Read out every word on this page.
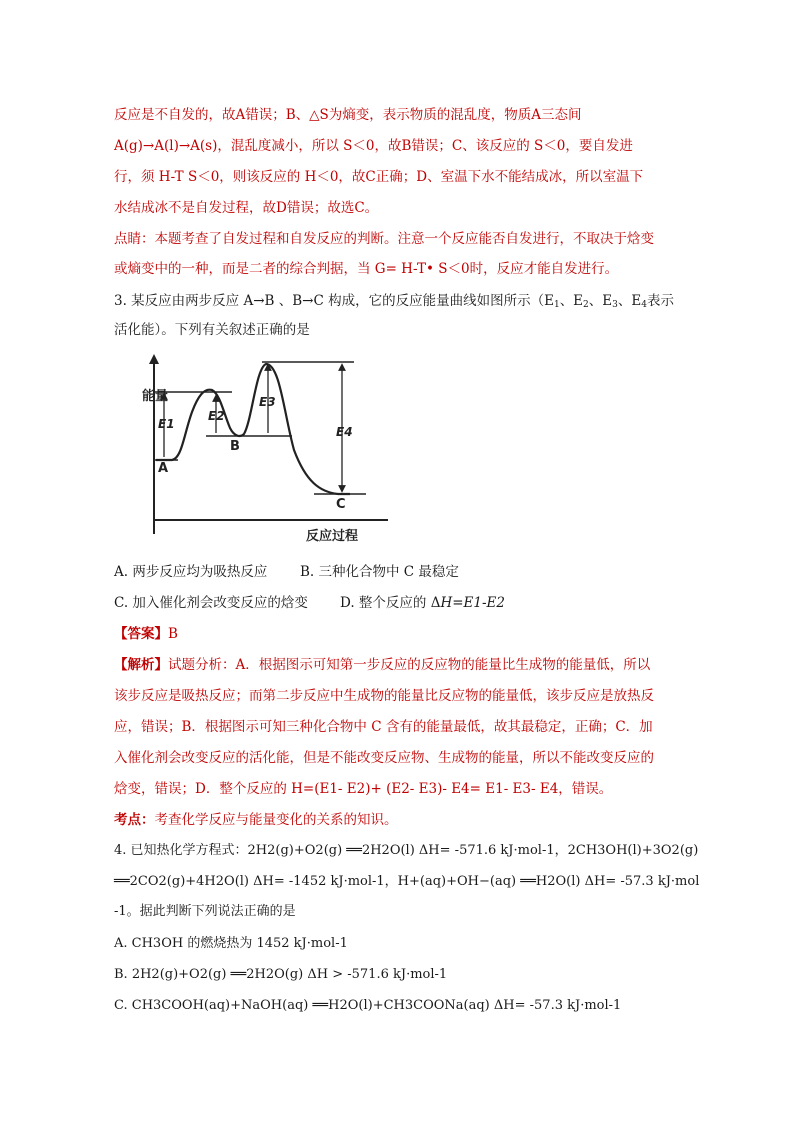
反应是不自发的，故A错误；B、△S为熵变，表示物质的混乱度，物质A三态间
A(g)→A(l)→A(s)，混乱度减小，所以 S＜0，故B错误；C、该反应的 S＜0，要自发进
行，须 H-T S＜0，则该反应的 H＜0，故C正确；D、室温下水不能结成冰，所以室温下
水结成冰不是自发过程，故D错误；故选C。
点睛：本题考查了自发过程和自发反应的判断。注意一个反应能否自发进行，不取决于焓变
或熵变中的一种，而是二者的综合判据，当 G= H-T• S＜0时，反应才能自发进行。
3. 某反应由两步反应 A→B 、B→C 构成，它的反应能量曲线如图所示（$E_1$、$E_2$、$E_3$、$E_4$表示
活化能）。下列有关叙述正确的是
能量
反应过程
E1
E2
E3
E4
A
B
C
A. 两步反应均为吸热反应 B. 三种化合物中 C 最稳定
C. 加入催化剂会改变反应的焓变 D. 整个反应的 ΔH=E1-E2
【答案】B
【解析】试题分析：A．根据图示可知第一步反应的反应物的能量比生成物的能量低，所以
该步反应是吸热反应；而第二步反应中生成物的能量比反应物的能量低，该步反应是放热反
应，错误；B．根据图示可知三种化合物中 C 含有的能量最低，故其最稳定，正确；C．加
入催化剂会改变反应的活化能，但是不能改变反应物、生成物的能量，所以不能改变反应的
焓变，错误；D．整个反应的 H=(E1- E2)+ (E2- E3)- E4= E1- E3- E4，错误。
考点：考查化学反应与能量变化的关系的知识。
4. 已知热化学方程式：2H2(g)+O2(g) ══2H2O(l) ΔH= -571.6 kJ·mol-1，2CH3OH(l)+3O2(g)
══2CO2(g)+4H2O(l) ΔH= -1452 kJ·mol-1，H+(aq)+OH−(aq) ══H2O(l) ΔH= -57.3 kJ·mol
-1。据此判断下列说法正确的是
A. CH3OH 的燃烧热为 1452 kJ·mol-1
B. 2H2(g)+O2(g) ══2H2O(g) ΔH > -571.6 kJ·mol-1
C. CH3COOH(aq)+NaOH(aq) ══H2O(l)+CH3COONa(aq) ΔH= -57.3 kJ·mol-1
